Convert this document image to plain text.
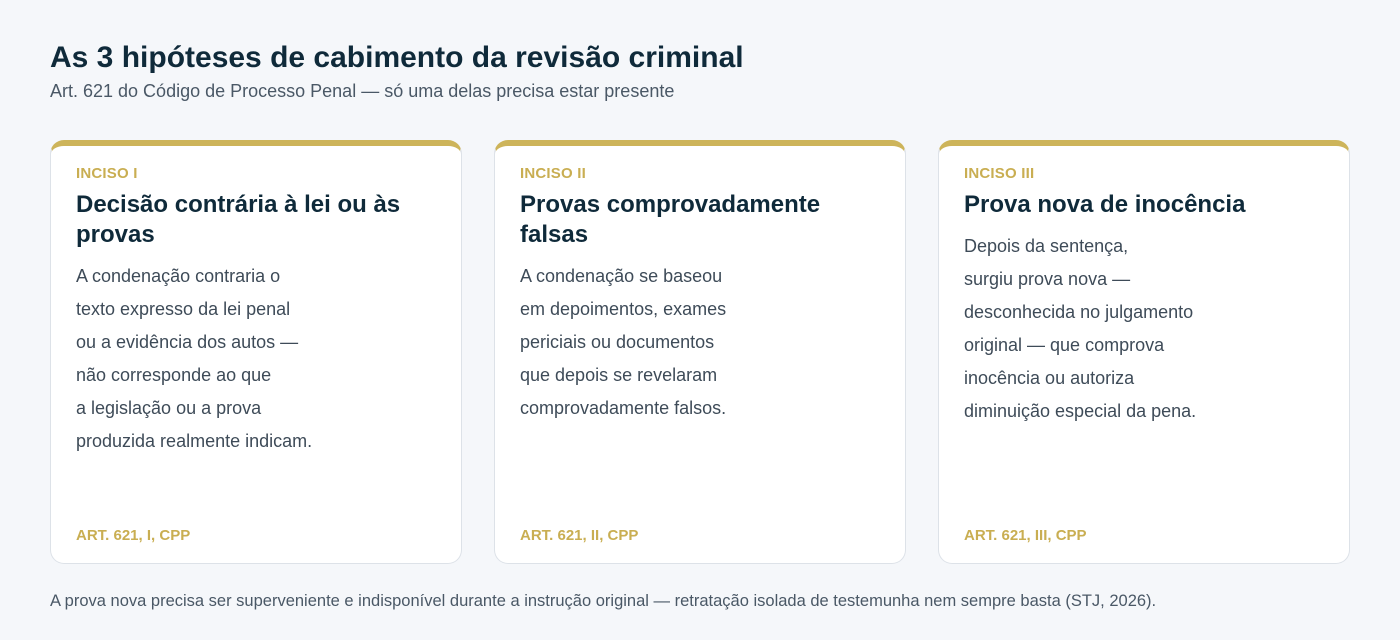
As 3 hipóteses de cabimento da revisão criminal

Art. 621 do Código de Processo Penal — só uma delas precisa estar presente

INCISO I
Decisão contrária à lei ou às provas
A condenação contraria o
texto expresso da lei penal
ou a evidência dos autos —
não corresponde ao que
a legislação ou a prova
produzida realmente indicam.
ART. 621, I, CPP
INCISO II
Provas comprovadamente falsas
A condenação se baseou
em depoimentos, exames
periciais ou documentos
que depois se revelaram
comprovadamente falsos.
ART. 621, II, CPP
INCISO III
Prova nova de inocência
Depois da sentença,
surgiu prova nova —
desconhecida no julgamento
original — que comprova
inocência ou autoriza
diminuição especial da pena.
ART. 621, III, CPP

A prova nova precisa ser superveniente e indisponível durante a instrução original — retratação isolada de testemunha nem sempre basta (STJ, 2026).
